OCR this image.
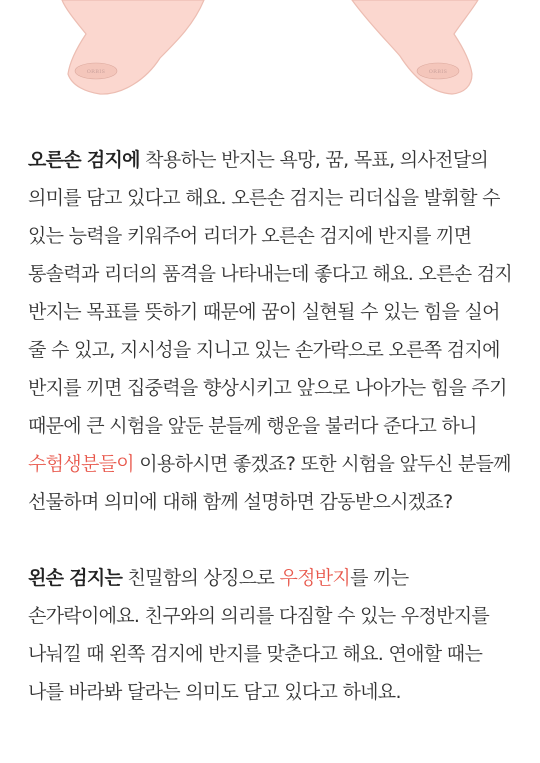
ORBIS	ORBIS

오른손 검지에 착용하는 반지는 욕망, 꿈, 목표, 의사전달의 의미를 담고 있다고 해요. 오른손 검지는 리더십을 발휘할 수 있는 능력을 키워주어 리더가 오른손 검지에 반지를 끼면 통솔력과 리더의 품격을 나타내는데 좋다고 해요. 오른손 검지 반지는 목표를 뜻하기 때문에 꿈이 실현될 수 있는 힘을 실어 줄 수 있고, 지시성을 지니고 있는 손가락으로 오른쪽 검지에 반지를 끼면 집중력을 향상시키고 앞으로 나아가는 힘을 주기 때문에 큰 시험을 앞둔 분들께 행운을 불러다 준다고 하니 수험생분들이 이용하시면 좋겠죠? 또한 시험을 앞두신 분들께 선물하며 의미에 대해 함께 설명하면 감동받으시겠죠?

왼손 검지는 친밀함의 상징으로 우정반지를 끼는 손가락이에요. 친구와의 의리를 다짐할 수 있는 우정반지를 나눠낄 때 왼쪽 검지에 반지를 맞춘다고 해요. 연애할 때는 나를 바라봐 달라는 의미도 담고 있다고 하네요.
